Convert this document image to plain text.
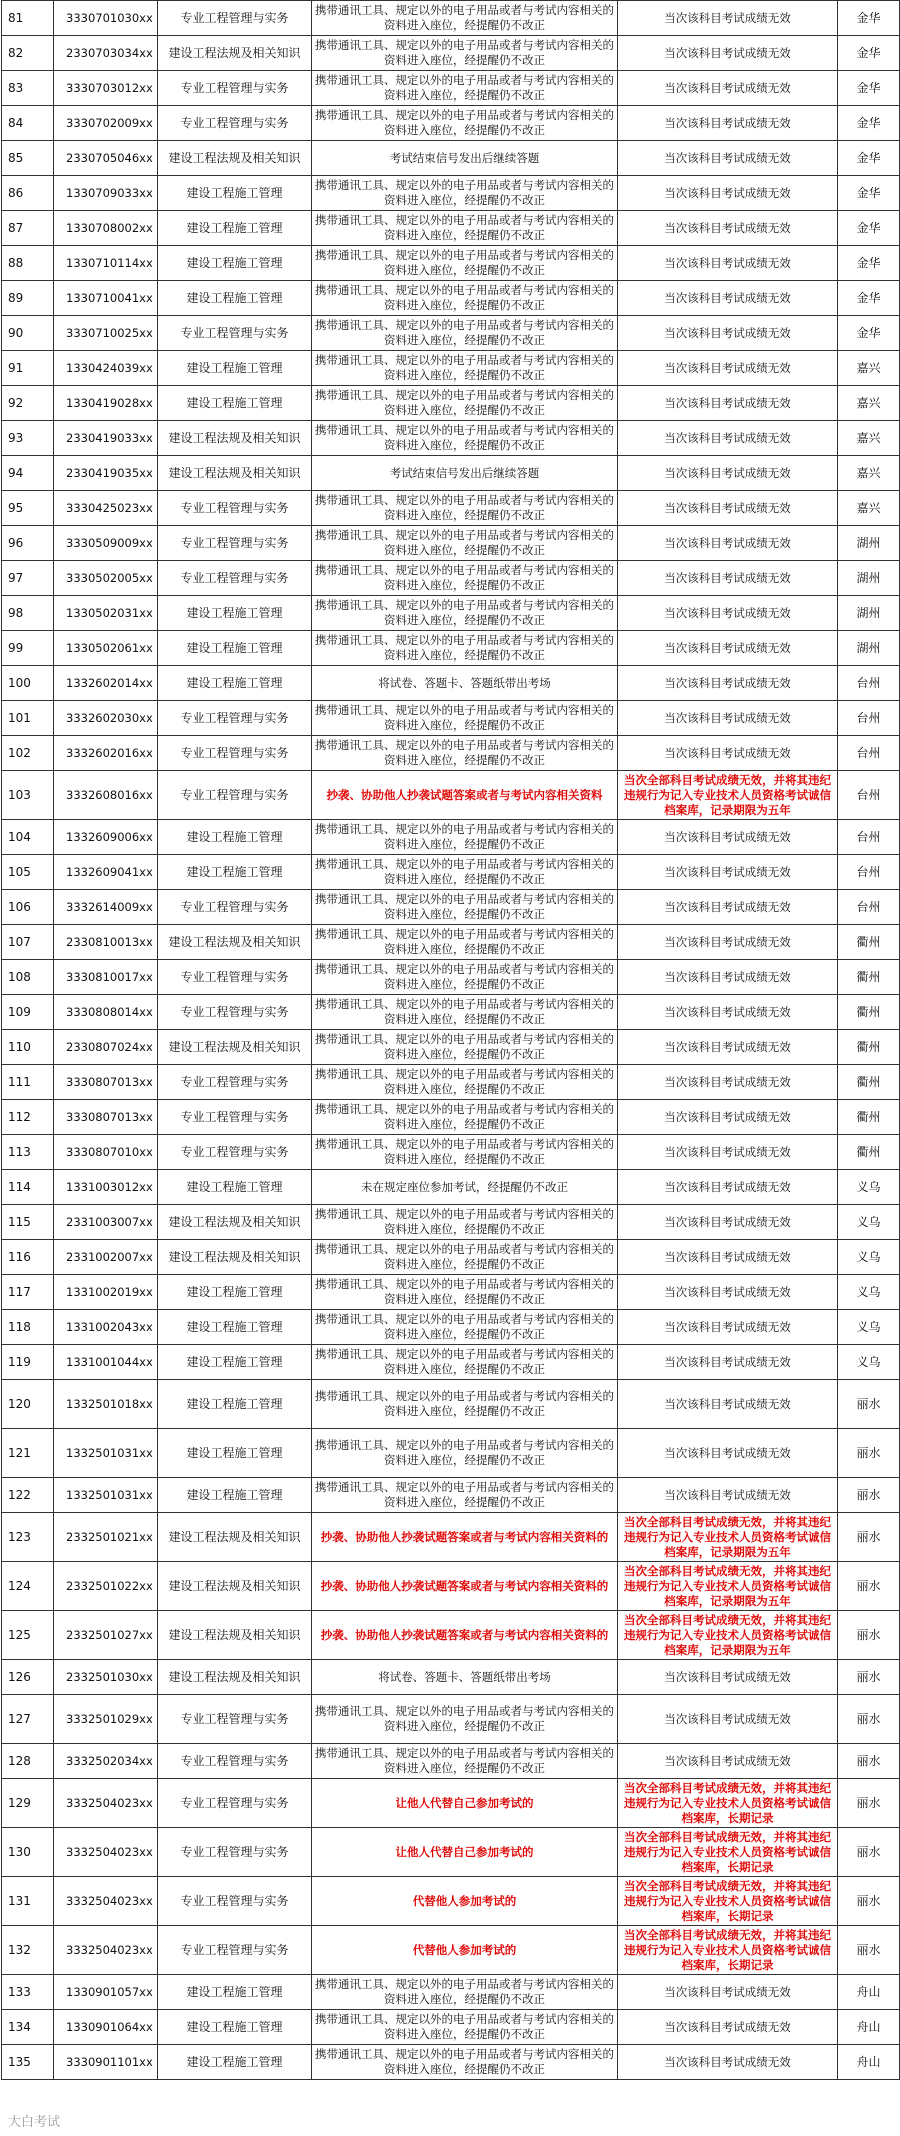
81	3330701030xx	专业工程管理与实务	携带通讯工具、规定以外的电子用品或者与考试内容相关的资料进入座位，经提醒仍不改正	当次该科目考试成绩无效	金华
82	2330703034xx	建设工程法规及相关知识	携带通讯工具、规定以外的电子用品或者与考试内容相关的资料进入座位，经提醒仍不改正	当次该科目考试成绩无效	金华
83	3330703012xx	专业工程管理与实务	携带通讯工具、规定以外的电子用品或者与考试内容相关的资料进入座位，经提醒仍不改正	当次该科目考试成绩无效	金华
84	3330702009xx	专业工程管理与实务	携带通讯工具、规定以外的电子用品或者与考试内容相关的资料进入座位，经提醒仍不改正	当次该科目考试成绩无效	金华
85	2330705046xx	建设工程法规及相关知识	考试结束信号发出后继续答题	当次该科目考试成绩无效	金华
86	1330709033xx	建设工程施工管理	携带通讯工具、规定以外的电子用品或者与考试内容相关的资料进入座位，经提醒仍不改正	当次该科目考试成绩无效	金华
87	1330708002xx	建设工程施工管理	携带通讯工具、规定以外的电子用品或者与考试内容相关的资料进入座位，经提醒仍不改正	当次该科目考试成绩无效	金华
88	1330710114xx	建设工程施工管理	携带通讯工具、规定以外的电子用品或者与考试内容相关的资料进入座位，经提醒仍不改正	当次该科目考试成绩无效	金华
89	1330710041xx	建设工程施工管理	携带通讯工具、规定以外的电子用品或者与考试内容相关的资料进入座位，经提醒仍不改正	当次该科目考试成绩无效	金华
90	3330710025xx	专业工程管理与实务	携带通讯工具、规定以外的电子用品或者与考试内容相关的资料进入座位，经提醒仍不改正	当次该科目考试成绩无效	金华
91	1330424039xx	建设工程施工管理	携带通讯工具、规定以外的电子用品或者与考试内容相关的资料进入座位，经提醒仍不改正	当次该科目考试成绩无效	嘉兴
92	1330419028xx	建设工程施工管理	携带通讯工具、规定以外的电子用品或者与考试内容相关的资料进入座位，经提醒仍不改正	当次该科目考试成绩无效	嘉兴
93	2330419033xx	建设工程法规及相关知识	携带通讯工具、规定以外的电子用品或者与考试内容相关的资料进入座位，经提醒仍不改正	当次该科目考试成绩无效	嘉兴
94	2330419035xx	建设工程法规及相关知识	考试结束信号发出后继续答题	当次该科目考试成绩无效	嘉兴
95	3330425023xx	专业工程管理与实务	携带通讯工具、规定以外的电子用品或者与考试内容相关的资料进入座位，经提醒仍不改正	当次该科目考试成绩无效	嘉兴
96	3330509009xx	专业工程管理与实务	携带通讯工具、规定以外的电子用品或者与考试内容相关的资料进入座位，经提醒仍不改正	当次该科目考试成绩无效	湖州
97	3330502005xx	专业工程管理与实务	携带通讯工具、规定以外的电子用品或者与考试内容相关的资料进入座位，经提醒仍不改正	当次该科目考试成绩无效	湖州
98	1330502031xx	建设工程施工管理	携带通讯工具、规定以外的电子用品或者与考试内容相关的资料进入座位，经提醒仍不改正	当次该科目考试成绩无效	湖州
99	1330502061xx	建设工程施工管理	携带通讯工具、规定以外的电子用品或者与考试内容相关的资料进入座位，经提醒仍不改正	当次该科目考试成绩无效	湖州
100	1332602014xx	建设工程施工管理	将试卷、答题卡、答题纸带出考场	当次该科目考试成绩无效	台州
101	3332602030xx	专业工程管理与实务	携带通讯工具、规定以外的电子用品或者与考试内容相关的资料进入座位，经提醒仍不改正	当次该科目考试成绩无效	台州
102	3332602016xx	专业工程管理与实务	携带通讯工具、规定以外的电子用品或者与考试内容相关的资料进入座位，经提醒仍不改正	当次该科目考试成绩无效	台州
103	3332608016xx	专业工程管理与实务	抄袭、协助他人抄袭试题答案或者与考试内容相关资料	当次全部科目考试成绩无效，并将其违纪违规行为记入专业技术人员资格考试诚信档案库，记录期限为五年	台州
104	1332609006xx	建设工程施工管理	携带通讯工具、规定以外的电子用品或者与考试内容相关的资料进入座位，经提醒仍不改正	当次该科目考试成绩无效	台州
105	1332609041xx	建设工程施工管理	携带通讯工具、规定以外的电子用品或者与考试内容相关的资料进入座位，经提醒仍不改正	当次该科目考试成绩无效	台州
106	3332614009xx	专业工程管理与实务	携带通讯工具、规定以外的电子用品或者与考试内容相关的资料进入座位，经提醒仍不改正	当次该科目考试成绩无效	台州
107	2330810013xx	建设工程法规及相关知识	携带通讯工具、规定以外的电子用品或者与考试内容相关的资料进入座位，经提醒仍不改正	当次该科目考试成绩无效	衢州
108	3330810017xx	专业工程管理与实务	携带通讯工具、规定以外的电子用品或者与考试内容相关的资料进入座位，经提醒仍不改正	当次该科目考试成绩无效	衢州
109	3330808014xx	专业工程管理与实务	携带通讯工具、规定以外的电子用品或者与考试内容相关的资料进入座位，经提醒仍不改正	当次该科目考试成绩无效	衢州
110	2330807024xx	建设工程法规及相关知识	携带通讯工具、规定以外的电子用品或者与考试内容相关的资料进入座位，经提醒仍不改正	当次该科目考试成绩无效	衢州
111	3330807013xx	专业工程管理与实务	携带通讯工具、规定以外的电子用品或者与考试内容相关的资料进入座位，经提醒仍不改正	当次该科目考试成绩无效	衢州
112	3330807013xx	专业工程管理与实务	携带通讯工具、规定以外的电子用品或者与考试内容相关的资料进入座位，经提醒仍不改正	当次该科目考试成绩无效	衢州
113	3330807010xx	专业工程管理与实务	携带通讯工具、规定以外的电子用品或者与考试内容相关的资料进入座位，经提醒仍不改正	当次该科目考试成绩无效	衢州
114	1331003012xx	建设工程施工管理	未在规定座位参加考试，经提醒仍不改正	当次该科目考试成绩无效	义乌
115	2331003007xx	建设工程法规及相关知识	携带通讯工具、规定以外的电子用品或者与考试内容相关的资料进入座位，经提醒仍不改正	当次该科目考试成绩无效	义乌
116	2331002007xx	建设工程法规及相关知识	携带通讯工具、规定以外的电子用品或者与考试内容相关的资料进入座位，经提醒仍不改正	当次该科目考试成绩无效	义乌
117	1331002019xx	建设工程施工管理	携带通讯工具、规定以外的电子用品或者与考试内容相关的资料进入座位，经提醒仍不改正	当次该科目考试成绩无效	义乌
118	1331002043xx	建设工程施工管理	携带通讯工具、规定以外的电子用品或者与考试内容相关的资料进入座位，经提醒仍不改正	当次该科目考试成绩无效	义乌
119	1331001044xx	建设工程施工管理	携带通讯工具、规定以外的电子用品或者与考试内容相关的资料进入座位，经提醒仍不改正	当次该科目考试成绩无效	义乌
120	1332501018xx	建设工程施工管理	携带通讯工具、规定以外的电子用品或者与考试内容相关的资料进入座位，经提醒仍不改正	当次该科目考试成绩无效	丽水
121	1332501031xx	建设工程施工管理	携带通讯工具、规定以外的电子用品或者与考试内容相关的资料进入座位，经提醒仍不改正	当次该科目考试成绩无效	丽水
122	1332501031xx	建设工程施工管理	携带通讯工具、规定以外的电子用品或者与考试内容相关的资料进入座位，经提醒仍不改正	当次该科目考试成绩无效	丽水
123	2332501021xx	建设工程法规及相关知识	抄袭、协助他人抄袭试题答案或者与考试内容相关资料的	当次全部科目考试成绩无效，并将其违纪违规行为记入专业技术人员资格考试诚信档案库，记录期限为五年	丽水
124	2332501022xx	建设工程法规及相关知识	抄袭、协助他人抄袭试题答案或者与考试内容相关资料的	当次全部科目考试成绩无效，并将其违纪违规行为记入专业技术人员资格考试诚信档案库，记录期限为五年	丽水
125	2332501027xx	建设工程法规及相关知识	抄袭、协助他人抄袭试题答案或者与考试内容相关资料的	当次全部科目考试成绩无效，并将其违纪违规行为记入专业技术人员资格考试诚信档案库，记录期限为五年	丽水
126	2332501030xx	建设工程法规及相关知识	将试卷、答题卡、答题纸带出考场	当次该科目考试成绩无效	丽水
127	3332501029xx	专业工程管理与实务	携带通讯工具、规定以外的电子用品或者与考试内容相关的资料进入座位，经提醒仍不改正	当次该科目考试成绩无效	丽水
128	3332502034xx	专业工程管理与实务	携带通讯工具、规定以外的电子用品或者与考试内容相关的资料进入座位，经提醒仍不改正	当次该科目考试成绩无效	丽水
129	3332504023xx	专业工程管理与实务	让他人代替自己参加考试的	当次全部科目考试成绩无效，并将其违纪违规行为记入专业技术人员资格考试诚信档案库，长期记录	丽水
130	3332504023xx	专业工程管理与实务	让他人代替自己参加考试的	当次全部科目考试成绩无效，并将其违纪违规行为记入专业技术人员资格考试诚信档案库，长期记录	丽水
131	3332504023xx	专业工程管理与实务	代替他人参加考试的	当次全部科目考试成绩无效，并将其违纪违规行为记入专业技术人员资格考试诚信档案库，长期记录	丽水
132	3332504023xx	专业工程管理与实务	代替他人参加考试的	当次全部科目考试成绩无效，并将其违纪违规行为记入专业技术人员资格考试诚信档案库，长期记录	丽水
133	1330901057xx	建设工程施工管理	携带通讯工具、规定以外的电子用品或者与考试内容相关的资料进入座位，经提醒仍不改正	当次该科目考试成绩无效	舟山
134	1330901064xx	建设工程施工管理	携带通讯工具、规定以外的电子用品或者与考试内容相关的资料进入座位，经提醒仍不改正	当次该科目考试成绩无效	舟山
135	3330901101xx	建设工程施工管理	携带通讯工具、规定以外的电子用品或者与考试内容相关的资料进入座位，经提醒仍不改正	当次该科目考试成绩无效	舟山
大白考试
